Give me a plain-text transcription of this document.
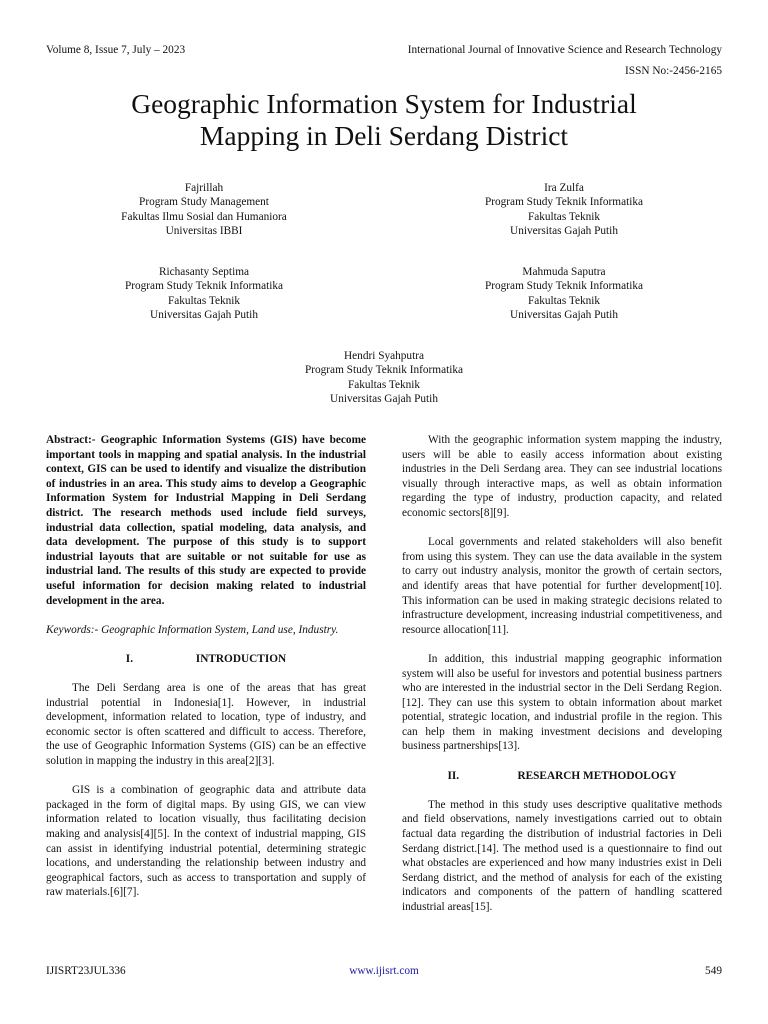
Volume 8, Issue 7, July – 2023	International Journal of Innovative Science and Research Technology
ISSN No:-2456-2165
Geographic Information System for Industrial
Mapping in Deli Serdang District
Fajrillah
Program Study Management
Fakultas Ilmu Sosial dan Humaniora
Universitas IBBI
Ira Zulfa
Program Study Teknik Informatika
Fakultas Teknik
Universitas Gajah Putih
Richasanty Septima
Program Study Teknik Informatika
Fakultas Teknik
Universitas Gajah Putih
Mahmuda Saputra
Program Study Teknik Informatika
Fakultas Teknik
Universitas Gajah Putih
Hendri Syahputra
Program Study Teknik Informatika
Fakultas Teknik
Universitas Gajah Putih

Abstract:- Geographic Information Systems (GIS) have become important tools in mapping and spatial analysis. In the industrial context, GIS can be used to identify and visualize the distribution of industries in an area. This study aims to develop a Geographic Information System for Industrial Mapping in Deli Serdang district. The research methods used include field surveys, industrial data collection, spatial modeling, data analysis, and data development. The purpose of this study is to support industrial layouts that are suitable or not suitable for use as industrial land. The results of this study are expected to provide useful information for decision making related to industrial development in the area.

Keywords:- Geographic Information System, Land use, Industry.

I.	INTRODUCTION

The Deli Serdang area is one of the areas that has great industrial potential in Indonesia[1]. However, in industrial development, information related to location, type of industry, and economic sector is often scattered and difficult to access. Therefore, the use of Geographic Information Systems (GIS) can be an effective solution in mapping the industry in this area[2][3].

GIS is a combination of geographic data and attribute data packaged in the form of digital maps. By using GIS, we can view information related to location visually, thus facilitating decision making and analysis[4][5]. In the context of industrial mapping, GIS can assist in identifying industrial potential, determining strategic locations, and understanding the relationship between industry and geographical factors, such as access to transportation and supply of raw materials.[6][7].

With the geographic information system mapping the industry, users will be able to easily access information about existing industries in the Deli Serdang area. They can see industrial locations visually through interactive maps, as well as obtain information regarding the type of industry, production capacity, and related economic sectors[8][9].

Local governments and related stakeholders will also benefit from using this system. They can use the data available in the system to carry out industry analysis, monitor the growth of certain sectors, and identify areas that have potential for further development[10]. This information can be used in making strategic decisions related to infrastructure development, increasing industrial competitiveness, and resource allocation[11].

In addition, this industrial mapping geographic information system will also be useful for investors and potential business partners who are interested in the industrial sector in the Deli Serdang Region.[12]. They can use this system to obtain information about market potential, strategic location, and industrial profile in the region. This can help them in making investment decisions and developing business partnerships[13].

II.	RESEARCH METHODOLOGY

The method in this study uses descriptive qualitative methods and field observations, namely investigations carried out to obtain factual data regarding the distribution of industrial factories in Deli Serdang district.[14]. The method used is a questionnaire to find out what obstacles are experienced and how many industries exist in Deli Serdang district, and the method of analysis for each of the existing indicators and components of the pattern of handling scattered industrial areas[15].

IJISRT23JUL336	www.ijisrt.com	549
